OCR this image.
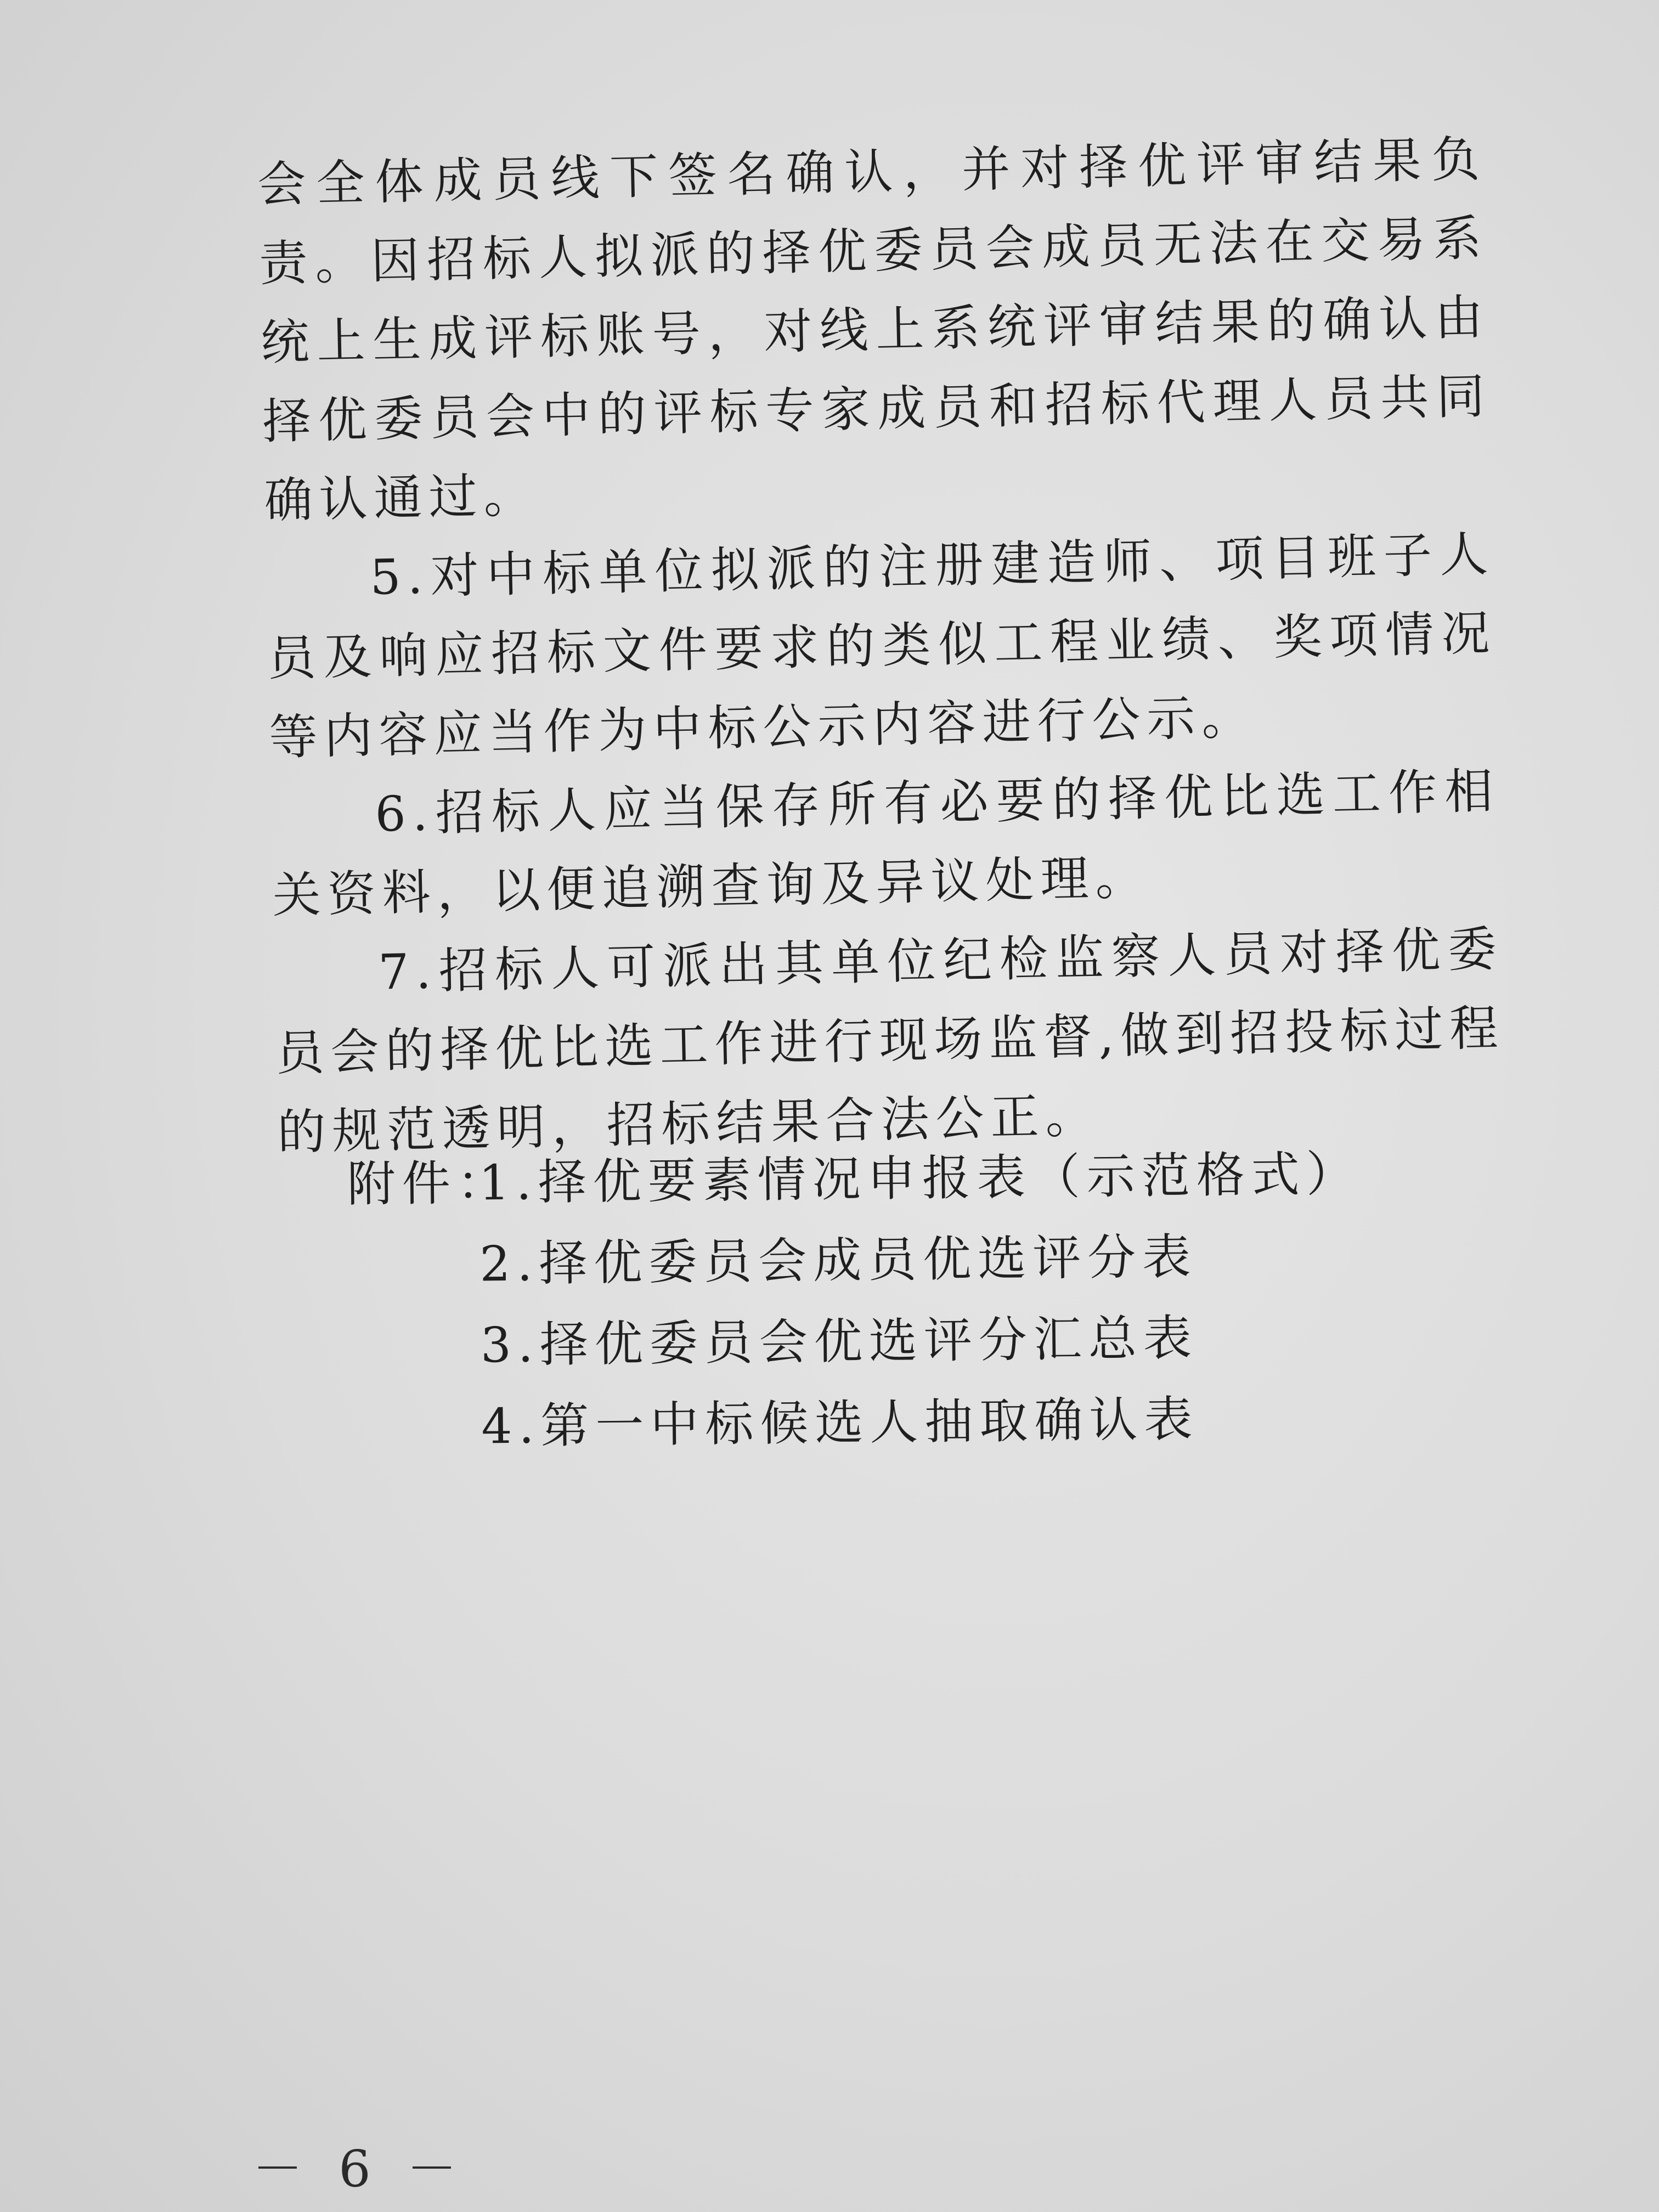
会全体成员线下签名确认，并对择优评审结果负责。因招标人拟派的择优委员会成员无法在交易系统上生成评标账号，对线上系统评审结果的确认由择优委员会中的评标专家成员和招标代理人员共同确认通过。

5.对中标单位拟派的注册建造师、项目班子人员及响应招标文件要求的类似工程业绩、奖项情况等内容应当作为中标公示内容进行公示。

6.招标人应当保存所有必要的择优比选工作相关资料，以便追溯查询及异议处理。

7.招标人可派出其单位纪检监察人员对择优委员会的择优比选工作进行现场监督,做到招投标过程的规范透明，招标结果合法公正。

附件：
1.择优要素情况申报表（示范格式）
2.择优委员会成员优选评分表
3.择优委员会优选评分汇总表
4.第一中标候选人抽取确认表
－ 6 －
